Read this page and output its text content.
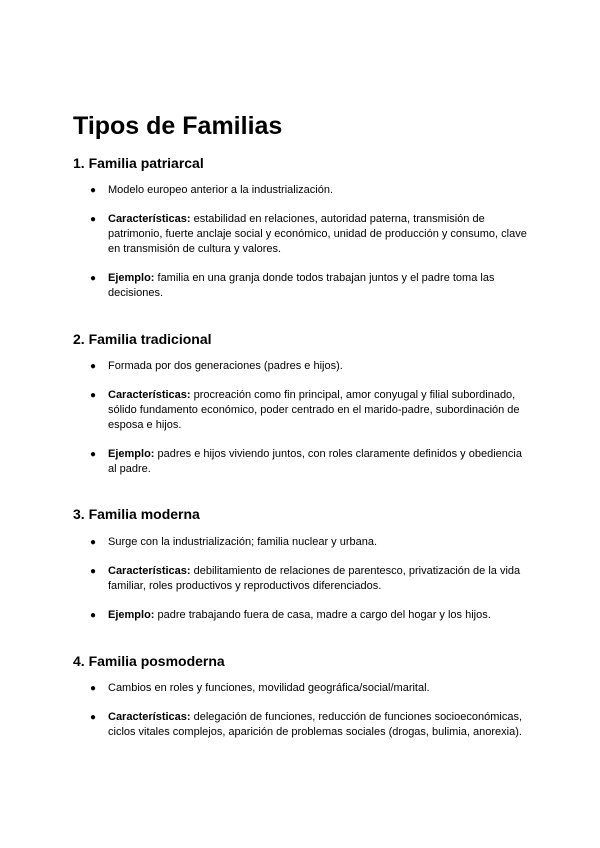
Tipos de Familias
1. Familia patriarcal
● Modelo europeo anterior a la industrialización.
● Características: estabilidad en relaciones, autoridad paterna, transmisión de patrimonio, fuerte anclaje social y económico, unidad de producción y consumo, clave en transmisión de cultura y valores.
● Ejemplo: familia en una granja donde todos trabajan juntos y el padre toma las decisiones.
2. Familia tradicional
● Formada por dos generaciones (padres e hijos).
● Características: procreación como fin principal, amor conyugal y filial subordinado, sólido fundamento económico, poder centrado en el marido-padre, subordinación de esposa e hijos.
● Ejemplo: padres e hijos viviendo juntos, con roles claramente definidos y obediencia al padre.
3. Familia moderna
● Surge con la industrialización; familia nuclear y urbana.
● Características: debilitamiento de relaciones de parentesco, privatización de la vida familiar, roles productivos y reproductivos diferenciados.
● Ejemplo: padre trabajando fuera de casa, madre a cargo del hogar y los hijos.
4. Familia posmoderna
● Cambios en roles y funciones, movilidad geográfica/social/marital.
● Características: delegación de funciones, reducción de funciones socioeconómicas, ciclos vitales complejos, aparición de problemas sociales (drogas, bulimia, anorexia).
